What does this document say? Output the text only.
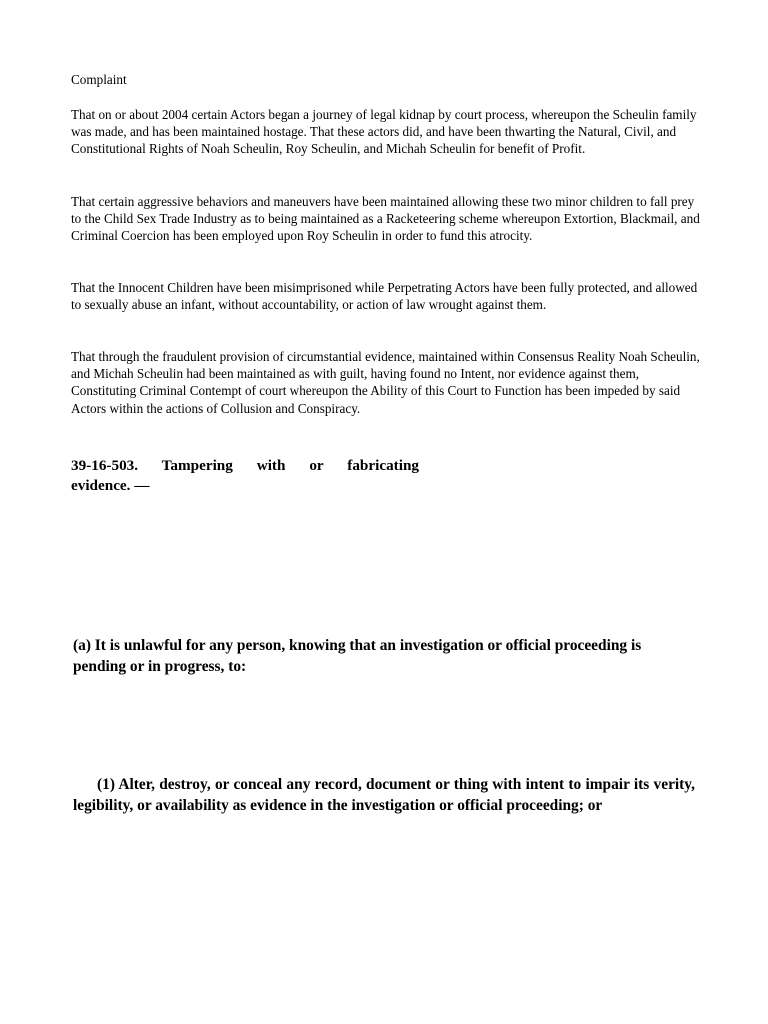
Complaint

That on or about 2004 certain Actors began a journey of legal kidnap by court process, whereupon the Scheulin family was made, and has been maintained hostage. That these actors did, and have been thwarting the Natural, Civil, and Constitutional Rights of Noah Scheulin, Roy Scheulin, and Michah Scheulin for benefit of Profit.

That certain aggressive behaviors and maneuvers have been maintained allowing these two minor children to fall prey to the Child Sex Trade Industry as to being maintained as a Racketeering scheme whereupon Extortion, Blackmail, and Criminal Coercion has been employed upon Roy Scheulin in order to fund this atrocity.

That the Innocent Children have been misimprisoned while Perpetrating Actors have been fully protected, and allowed to sexually abuse an infant, without accountability, or action of law wrought against them.

That through the fraudulent provision of circumstantial evidence, maintained within Consensus Reality Noah Scheulin, and Michah Scheulin had been maintained as with guilt, having found no Intent, nor evidence against them, Constituting Criminal Contempt of court whereupon the Ability of this Court to Function has been impeded by said Actors within the actions of Collusion and Conspiracy.

39-16-503. Tampering with or fabricating
evidence. —
(a) It is unlawful for any person, knowing that an investigation or official proceeding is pending or in progress, to:
(1) Alter, destroy, or conceal any record, document or thing with intent to impair its verity, legibility, or availability as evidence in the investigation or official proceeding; or
